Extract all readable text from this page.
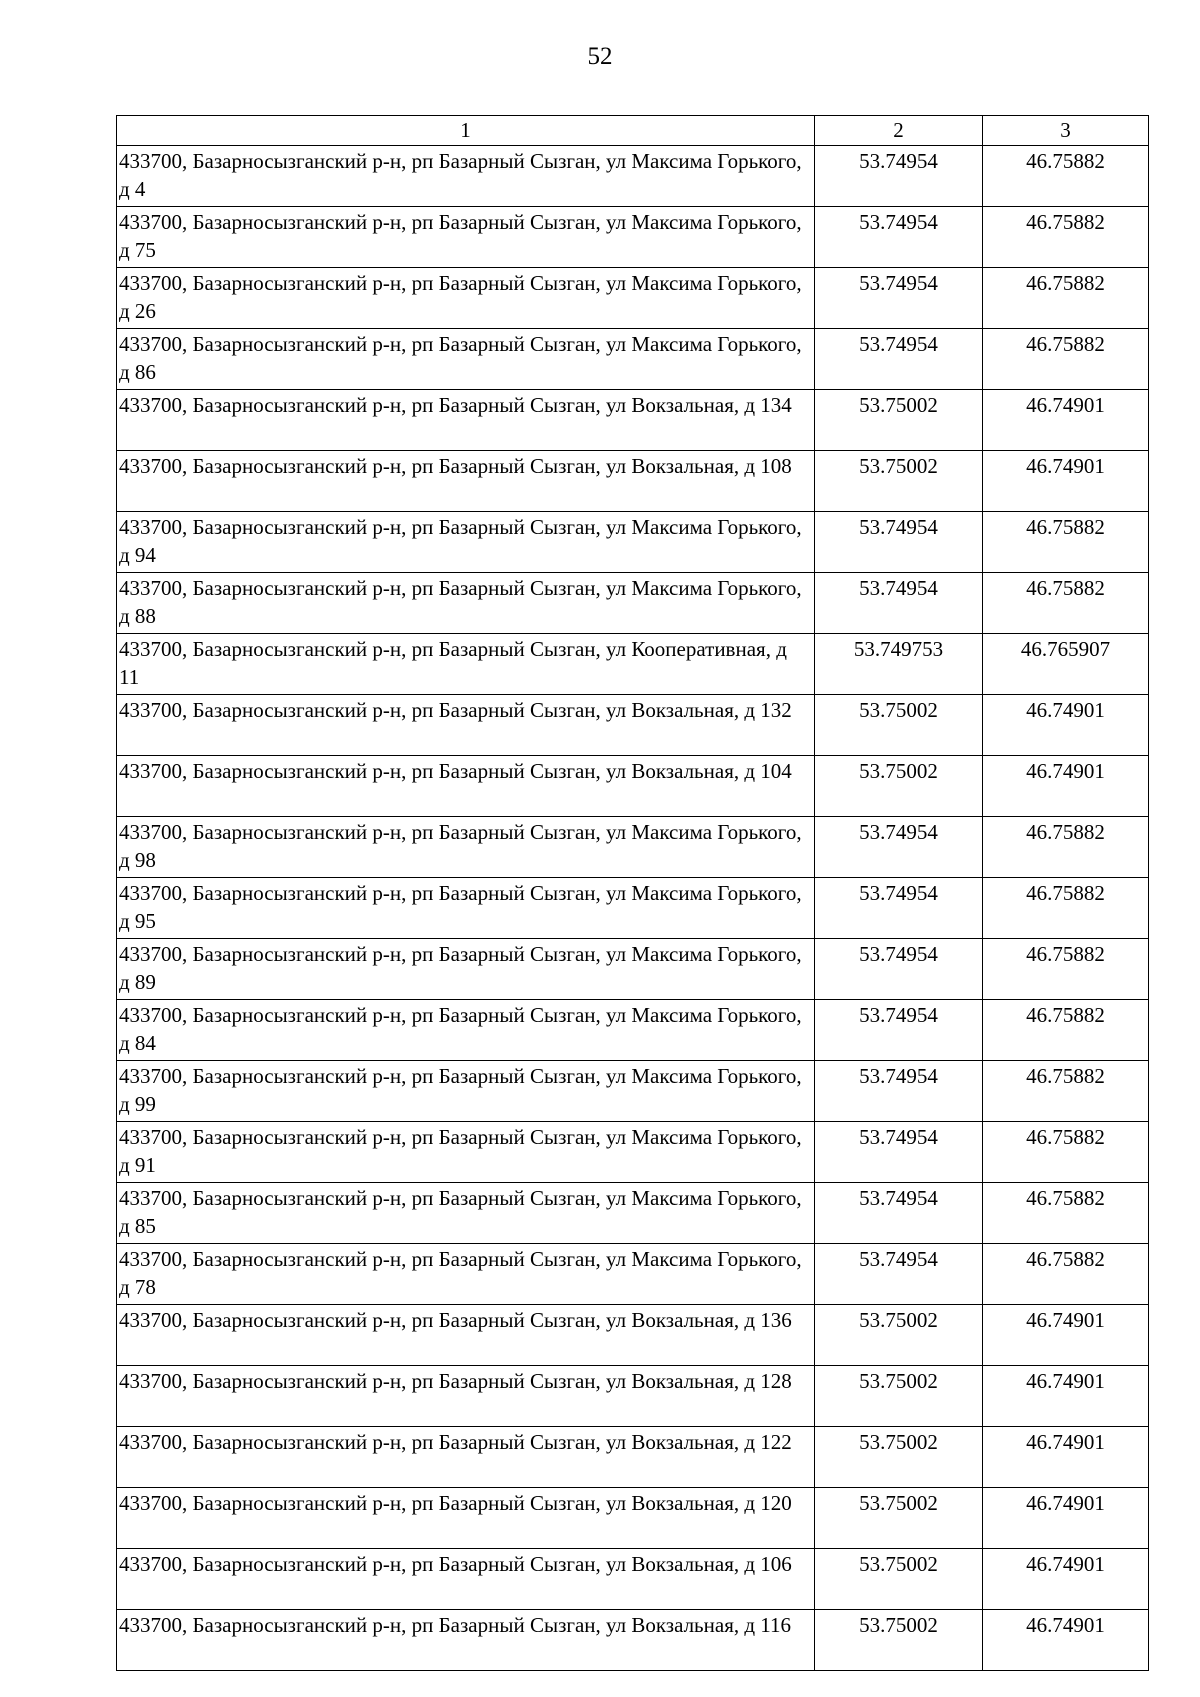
52
1	2	3
433700, Базарносызганский р-н, рп Базарный Сызган, ул Максима Горького, д 4	53.74954	46.75882
433700, Базарносызганский р-н, рп Базарный Сызган, ул Максима Горького, д 75	53.74954	46.75882
433700, Базарносызганский р-н, рп Базарный Сызган, ул Максима Горького, д 26	53.74954	46.75882
433700, Базарносызганский р-н, рп Базарный Сызган, ул Максима Горького, д 86	53.74954	46.75882
433700, Базарносызганский р-н, рп Базарный Сызган, ул Вокзальная, д 134	53.75002	46.74901
433700, Базарносызганский р-н, рп Базарный Сызган, ул Вокзальная, д 108	53.75002	46.74901
433700, Базарносызганский р-н, рп Базарный Сызган, ул Максима Горького, д 94	53.74954	46.75882
433700, Базарносызганский р-н, рп Базарный Сызган, ул Максима Горького, д 88	53.74954	46.75882
433700, Базарносызганский р-н, рп Базарный Сызган, ул Кооперативная, д 11	53.749753	46.765907
433700, Базарносызганский р-н, рп Базарный Сызган, ул Вокзальная, д 132	53.75002	46.74901
433700, Базарносызганский р-н, рп Базарный Сызган, ул Вокзальная, д 104	53.75002	46.74901
433700, Базарносызганский р-н, рп Базарный Сызган, ул Максима Горького, д 98	53.74954	46.75882
433700, Базарносызганский р-н, рп Базарный Сызган, ул Максима Горького, д 95	53.74954	46.75882
433700, Базарносызганский р-н, рп Базарный Сызган, ул Максима Горького, д 89	53.74954	46.75882
433700, Базарносызганский р-н, рп Базарный Сызган, ул Максима Горького, д 84	53.74954	46.75882
433700, Базарносызганский р-н, рп Базарный Сызган, ул Максима Горького, д 99	53.74954	46.75882
433700, Базарносызганский р-н, рп Базарный Сызган, ул Максима Горького, д 91	53.74954	46.75882
433700, Базарносызганский р-н, рп Базарный Сызган, ул Максима Горького, д 85	53.74954	46.75882
433700, Базарносызганский р-н, рп Базарный Сызган, ул Максима Горького, д 78	53.74954	46.75882
433700, Базарносызганский р-н, рп Базарный Сызган, ул Вокзальная, д 136	53.75002	46.74901
433700, Базарносызганский р-н, рп Базарный Сызган, ул Вокзальная, д 128	53.75002	46.74901
433700, Базарносызганский р-н, рп Базарный Сызган, ул Вокзальная, д 122	53.75002	46.74901
433700, Базарносызганский р-н, рп Базарный Сызган, ул Вокзальная, д 120	53.75002	46.74901
433700, Базарносызганский р-н, рп Базарный Сызган, ул Вокзальная, д 106	53.75002	46.74901
433700, Базарносызганский р-н, рп Базарный Сызган, ул Вокзальная, д 116	53.75002	46.74901
